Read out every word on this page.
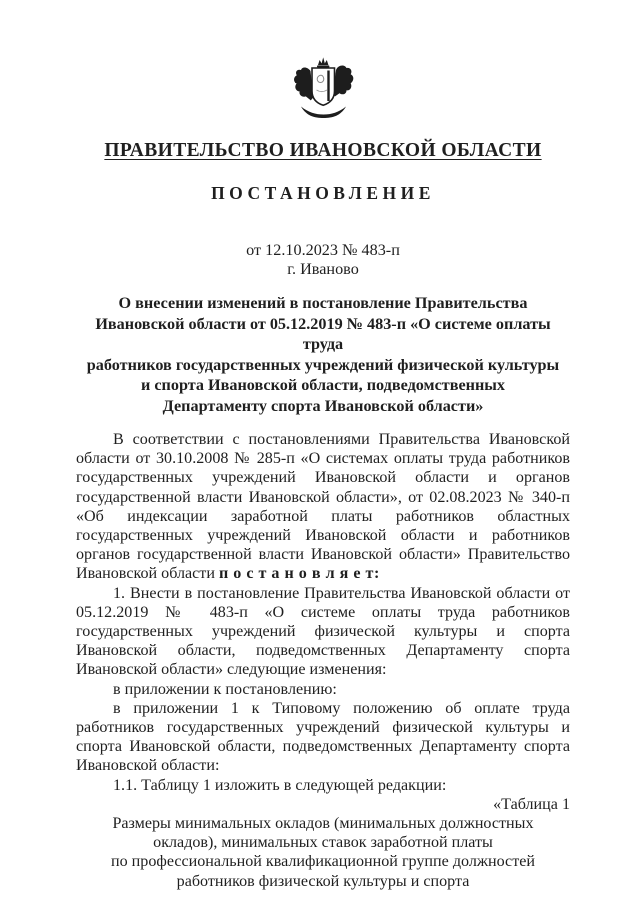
ПРАВИТЕЛЬСТВО ИВАНОВСКОЙ ОБЛАСТИ
ПОСТАНОВЛЕНИЕ
от 12.10.2023 № 483-п
г. Иваново
О внесении изменений в постановление Правительства
Ивановской области от 05.12.2019 № 483-п «О системе оплаты труда
работников государственных учреждений физической культуры
и спорта Ивановской области, подведомственных
Департаменту спорта Ивановской области»

В соответствии с постановлениями Правительства Ивановской области от 30.10.2008 № 285-п «О системах оплаты труда работников государственных учреждений Ивановской области и органов государственной власти Ивановской области», от 02.08.2023 № 340-п «Об индексации заработной платы работников областных государственных учреждений Ивановской области и работников органов государственной власти Ивановской области» Правительство Ивановской области п о с т а н о в л я е т:

1. Внести в постановление Правительства Ивановской области от 05.12.2019 № 483-п «О системе оплаты труда работников государственных учреждений физической культуры и спорта Ивановской области, подведомственных Департаменту спорта Ивановской области» следующие изменения:

в приложении к постановлению:

в приложении 1 к Типовому положению об оплате труда работников государственных учреждений физической культуры и спорта Ивановской области, подведомственных Департаменту спорта Ивановской области:

1.1. Таблицу 1 изложить в следующей редакции:

«Таблица 1

Размеры минимальных окладов (минимальных должностных
окладов), минимальных ставок заработной платы
по профессиональной квалификационной группе должностей
работников физической культуры и спорта
